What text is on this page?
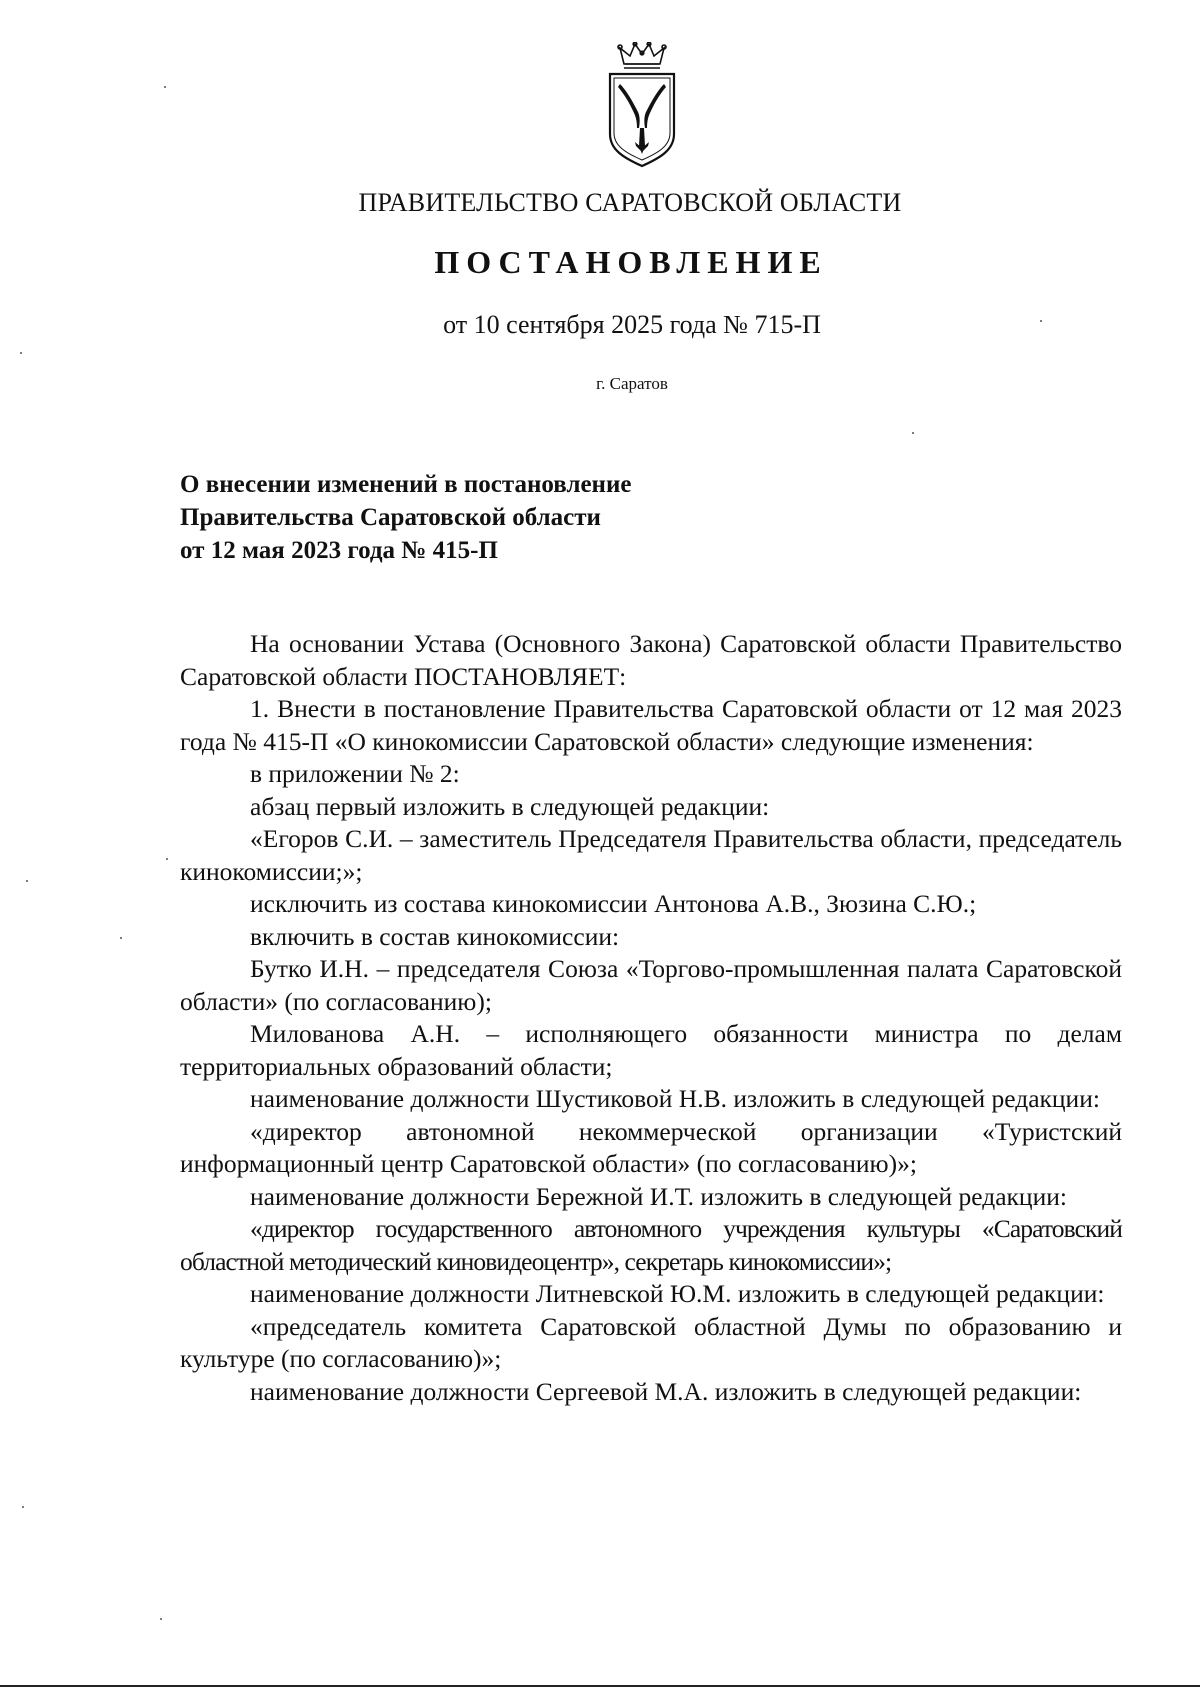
ПРАВИТЕЛЬСТВО САРАТОВСКОЙ ОБЛАСТИ
ПОСТАНОВЛЕНИЕ
от 10 сентября 2025 года № 715-П
г. Саратов
О внесении изменений в постановление
Правительства Саратовской области
от 12 мая 2023 года № 415-П

На основании Устава (Основного Закона) Саратовской области Правительство Саратовской области ПОСТАНОВЛЯЕТ:

1. Внести в постановление Правительства Саратовской области от 12 мая 2023 года № 415-П «О кинокомиссии Саратовской области» следующие изменения:

в приложении № 2:

абзац первый изложить в следующей редакции:

«Егоров С.И. – заместитель Председателя Правительства области, председатель кинокомиссии;»;

исключить из состава кинокомиссии Антонова А.В., Зюзина С.Ю.;

включить в состав кинокомиссии:

Бутко И.Н. – председателя Союза «Торгово-промышленная палата Саратовской области» (по согласованию);

Милованова А.Н. – исполняющего обязанности министра по делам территориальных образований области;

наименование должности Шустиковой Н.В. изложить в следующей редакции:

«директор автономной некоммерческой организации «Туристский информационный центр Саратовской области» (по согласованию)»;

наименование должности Бережной И.Т. изложить в следующей редакции:

«директор государственного автономного учреждения культуры «Саратовский областной методический киновидеоцентр», секретарь кинокомиссии»;

наименование должности Литневской Ю.М. изложить в следующей редакции:

«председатель комитета Саратовской областной Думы по образованию и культуре (по согласованию)»;

наименование должности Сергеевой М.А. изложить в следующей редакции:
